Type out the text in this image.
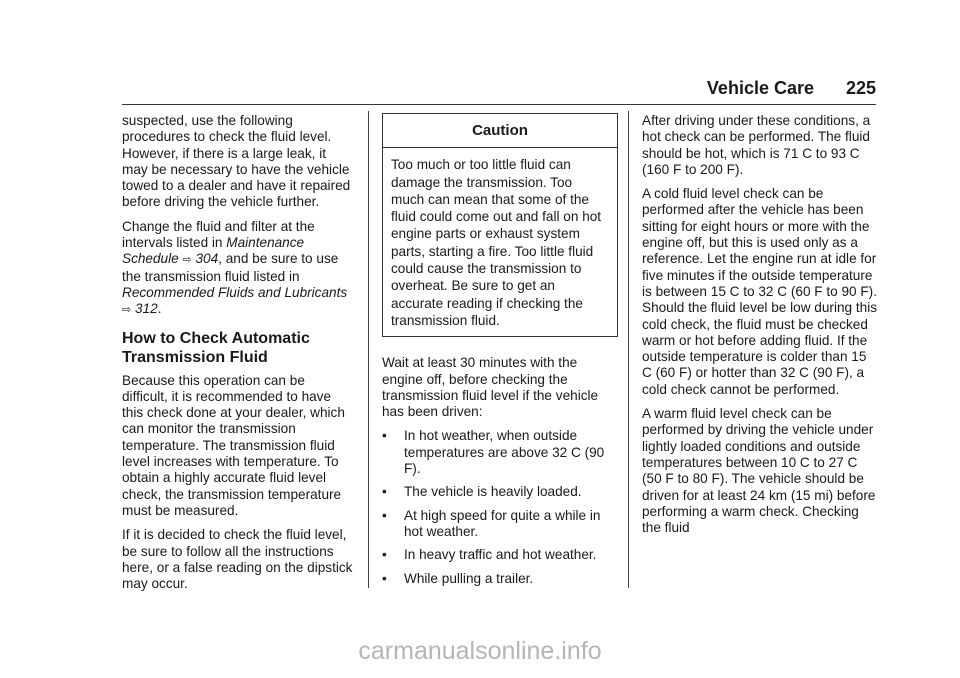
Vehicle Care 225

suspected, use the following procedures to check the fluid level. However, if there is a large leak, it may be necessary to have the vehicle towed to a dealer and have it repaired before driving the vehicle further.

Change the fluid and filter at the intervals listed in Maintenance Schedule ⇨ 304, and be sure to use the transmission fluid listed in Recommended Fluids and Lubricants ⇨ 312.

How to Check Automatic Transmission Fluid

Because this operation can be difficult, it is recommended to have this check done at your dealer, which can monitor the transmission temperature. The transmission fluid level increases with temperature. To obtain a highly accurate fluid level check, the transmission temperature must be measured.

If it is decided to check the fluid level, be sure to follow all the instructions here, or a false reading on the dipstick may occur.

Caution
Too much or too little fluid can damage the transmission. Too much can mean that some of the fluid could come out and fall on hot engine parts or exhaust system parts, starting a fire. Too little fluid could cause the transmission to overheat. Be sure to get an accurate reading if checking the transmission fluid.

Wait at least 30 minutes with the engine off, before checking the transmission fluid level if the vehicle has been driven:

• In hot weather, when outside temperatures are above 32 C (90 F).
• The vehicle is heavily loaded.
• At high speed for quite a while in hot weather.
• In heavy traffic and hot weather.
• While pulling a trailer.

After driving under these conditions, a hot check can be performed. The fluid should be hot, which is 71 C to 93 C (160 F to 200 F).

A cold fluid level check can be performed after the vehicle has been sitting for eight hours or more with the engine off, but this is used only as a reference. Let the engine run at idle for five minutes if the outside temperature is between 15 C to 32 C (60 F to 90 F). Should the fluid level be low during this cold check, the fluid must be checked warm or hot before adding fluid. If the outside temperature is colder than 15 C (60 F) or hotter than 32 C (90 F), a cold check cannot be performed.

A warm fluid level check can be performed by driving the vehicle under lightly loaded conditions and outside temperatures between 10 C to 27 C (50 F to 80 F). The vehicle should be driven for at least 24 km (15 mi) before performing a warm check. Checking the fluid

carmanualsonline.info
